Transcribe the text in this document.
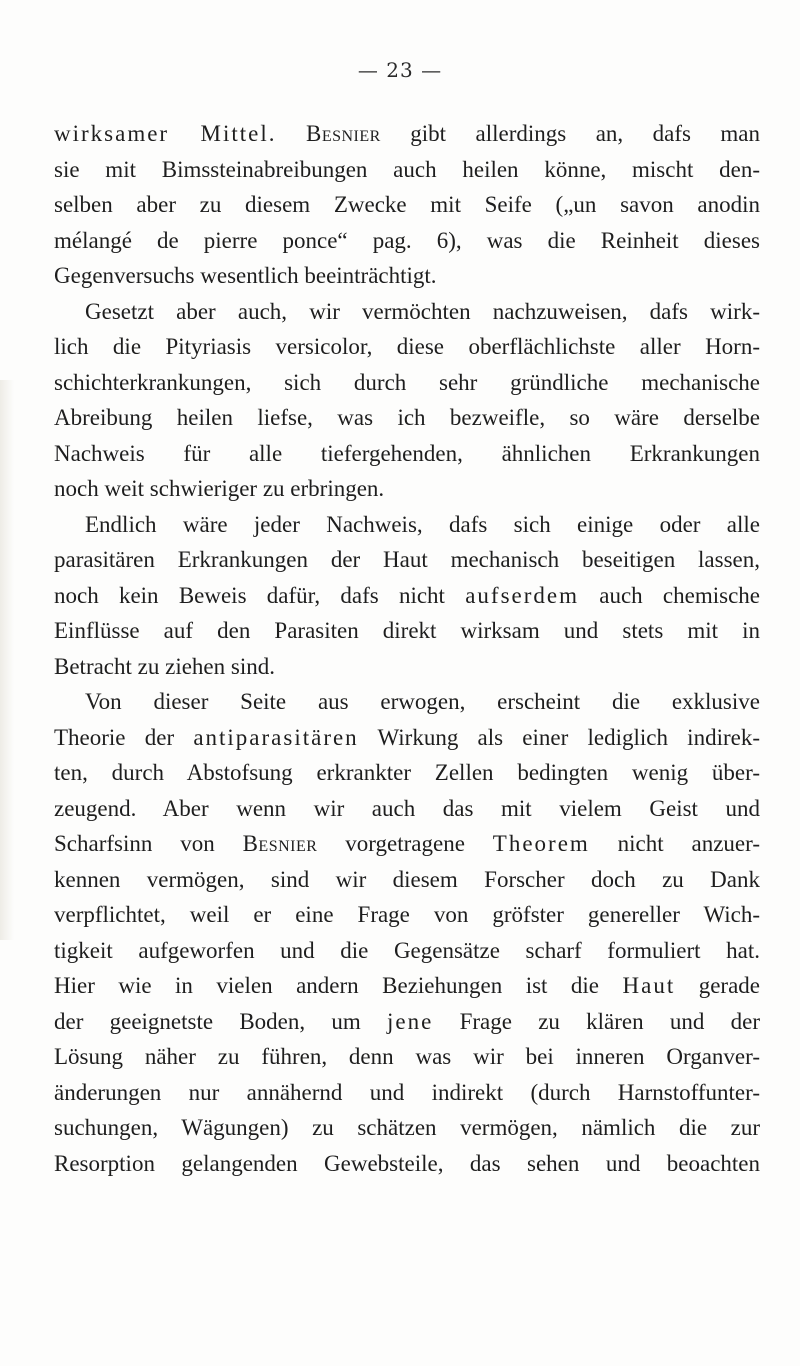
— 23 —
wirksamer Mittel. Besnier gibt allerdings an, dafs man
sie mit Bimssteinabreibungen auch heilen könne, mischt den-
selben aber zu diesem Zwecke mit Seife („un savon anodin
mélangé de pierre ponce“ pag. 6), was die Reinheit dieses
Gegenversuchs wesentlich beeinträchtigt.
Gesetzt aber auch, wir vermöchten nachzuweisen, dafs wirk-
lich die Pityriasis versicolor, diese oberflächlichste aller Horn-
schichterkrankungen, sich durch sehr gründliche mechanische
Abreibung heilen liefse, was ich bezweifle, so wäre derselbe
Nachweis für alle tiefergehenden, ähnlichen Erkrankungen
noch weit schwieriger zu erbringen.
Endlich wäre jeder Nachweis, dafs sich einige oder alle
parasitären Erkrankungen der Haut mechanisch beseitigen lassen,
noch kein Beweis dafür, dafs nicht aufserdem auch chemische
Einflüsse auf den Parasiten direkt wirksam und stets mit in
Betracht zu ziehen sind.
Von dieser Seite aus erwogen, erscheint die exklusive
Theorie der antiparasitären Wirkung als einer lediglich indirek-
ten, durch Abstofsung erkrankter Zellen bedingten wenig über-
zeugend. Aber wenn wir auch das mit vielem Geist und
Scharfsinn von Besnier vorgetragene Theorem nicht anzuer-
kennen vermögen, sind wir diesem Forscher doch zu Dank
verpflichtet, weil er eine Frage von gröfster genereller Wich-
tigkeit aufgeworfen und die Gegensätze scharf formuliert hat.
Hier wie in vielen andern Beziehungen ist die Haut gerade
der geeignetste Boden, um jene Frage zu klären und der
Lösung näher zu führen, denn was wir bei inneren Organver-
änderungen nur annähernd und indirekt (durch Harnstoffunter-
suchungen, Wägungen) zu schätzen vermögen, nämlich die zur
Resorption gelangenden Gewebsteile, das sehen und beoachten
